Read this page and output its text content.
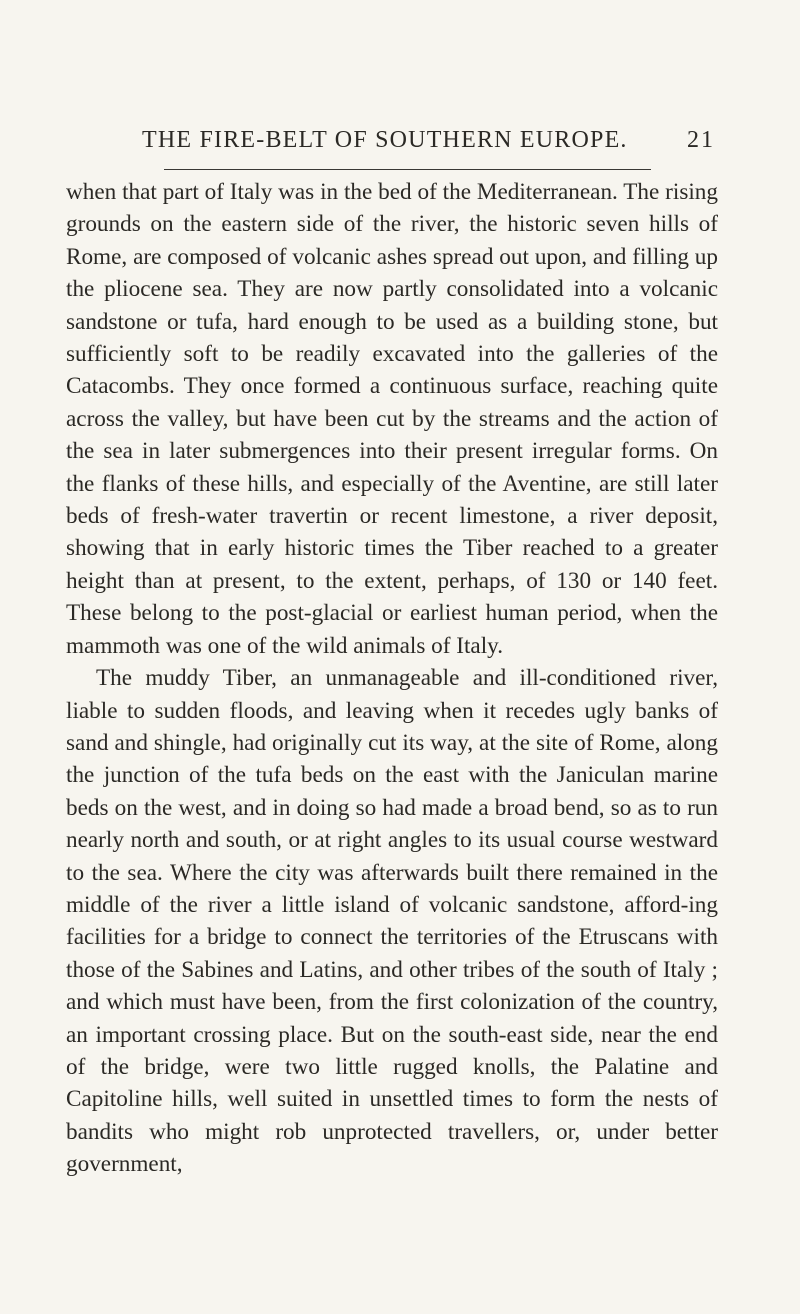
THE FIRE-BELT OF SOUTHERN EUROPE. 21

when that part of Italy was in the bed of the Mediterranean. The rising grounds on the eastern side of the river, the historic seven hills of Rome, are composed of volcanic ashes spread out upon, and filling up the pliocene sea. They are now partly consolidated into a volcanic sandstone or tufa, hard enough to be used as a building stone, but sufficiently soft to be readily excavated into the galleries of the Catacombs. They once formed a continuous surface, reaching quite across the valley, but have been cut by the streams and the action of the sea in later submergences into their present irregular forms. On the flanks of these hills, and especially of the Aventine, are still later beds of fresh-water travertin or recent limestone, a river deposit, showing that in early historic times the Tiber reached to a greater height than at present, to the extent, perhaps, of 130 or 140 feet. These belong to the post-glacial or earliest human period, when the mammoth was one of the wild animals of Italy.

The muddy Tiber, an unmanageable and ill-conditioned river, liable to sudden floods, and leaving when it recedes ugly banks of sand and shingle, had originally cut its way, at the site of Rome, along the junction of the tufa beds on the east with the Janiculan marine beds on the west, and in doing so had made a broad bend, so as to run nearly north and south, or at right angles to its usual course westward to the sea. Where the city was afterwards built there remained in the middle of the river a little island of volcanic sandstone, afford-ing facilities for a bridge to connect the territories of the Etruscans with those of the Sabines and Latins, and other tribes of the south of Italy ; and which must have been, from the first colonization of the country, an important crossing place. But on the south-east side, near the end of the bridge, were two little rugged knolls, the Palatine and Capitoline hills, well suited in unsettled times to form the nests of bandits who might rob unprotected travellers, or, under better government,
